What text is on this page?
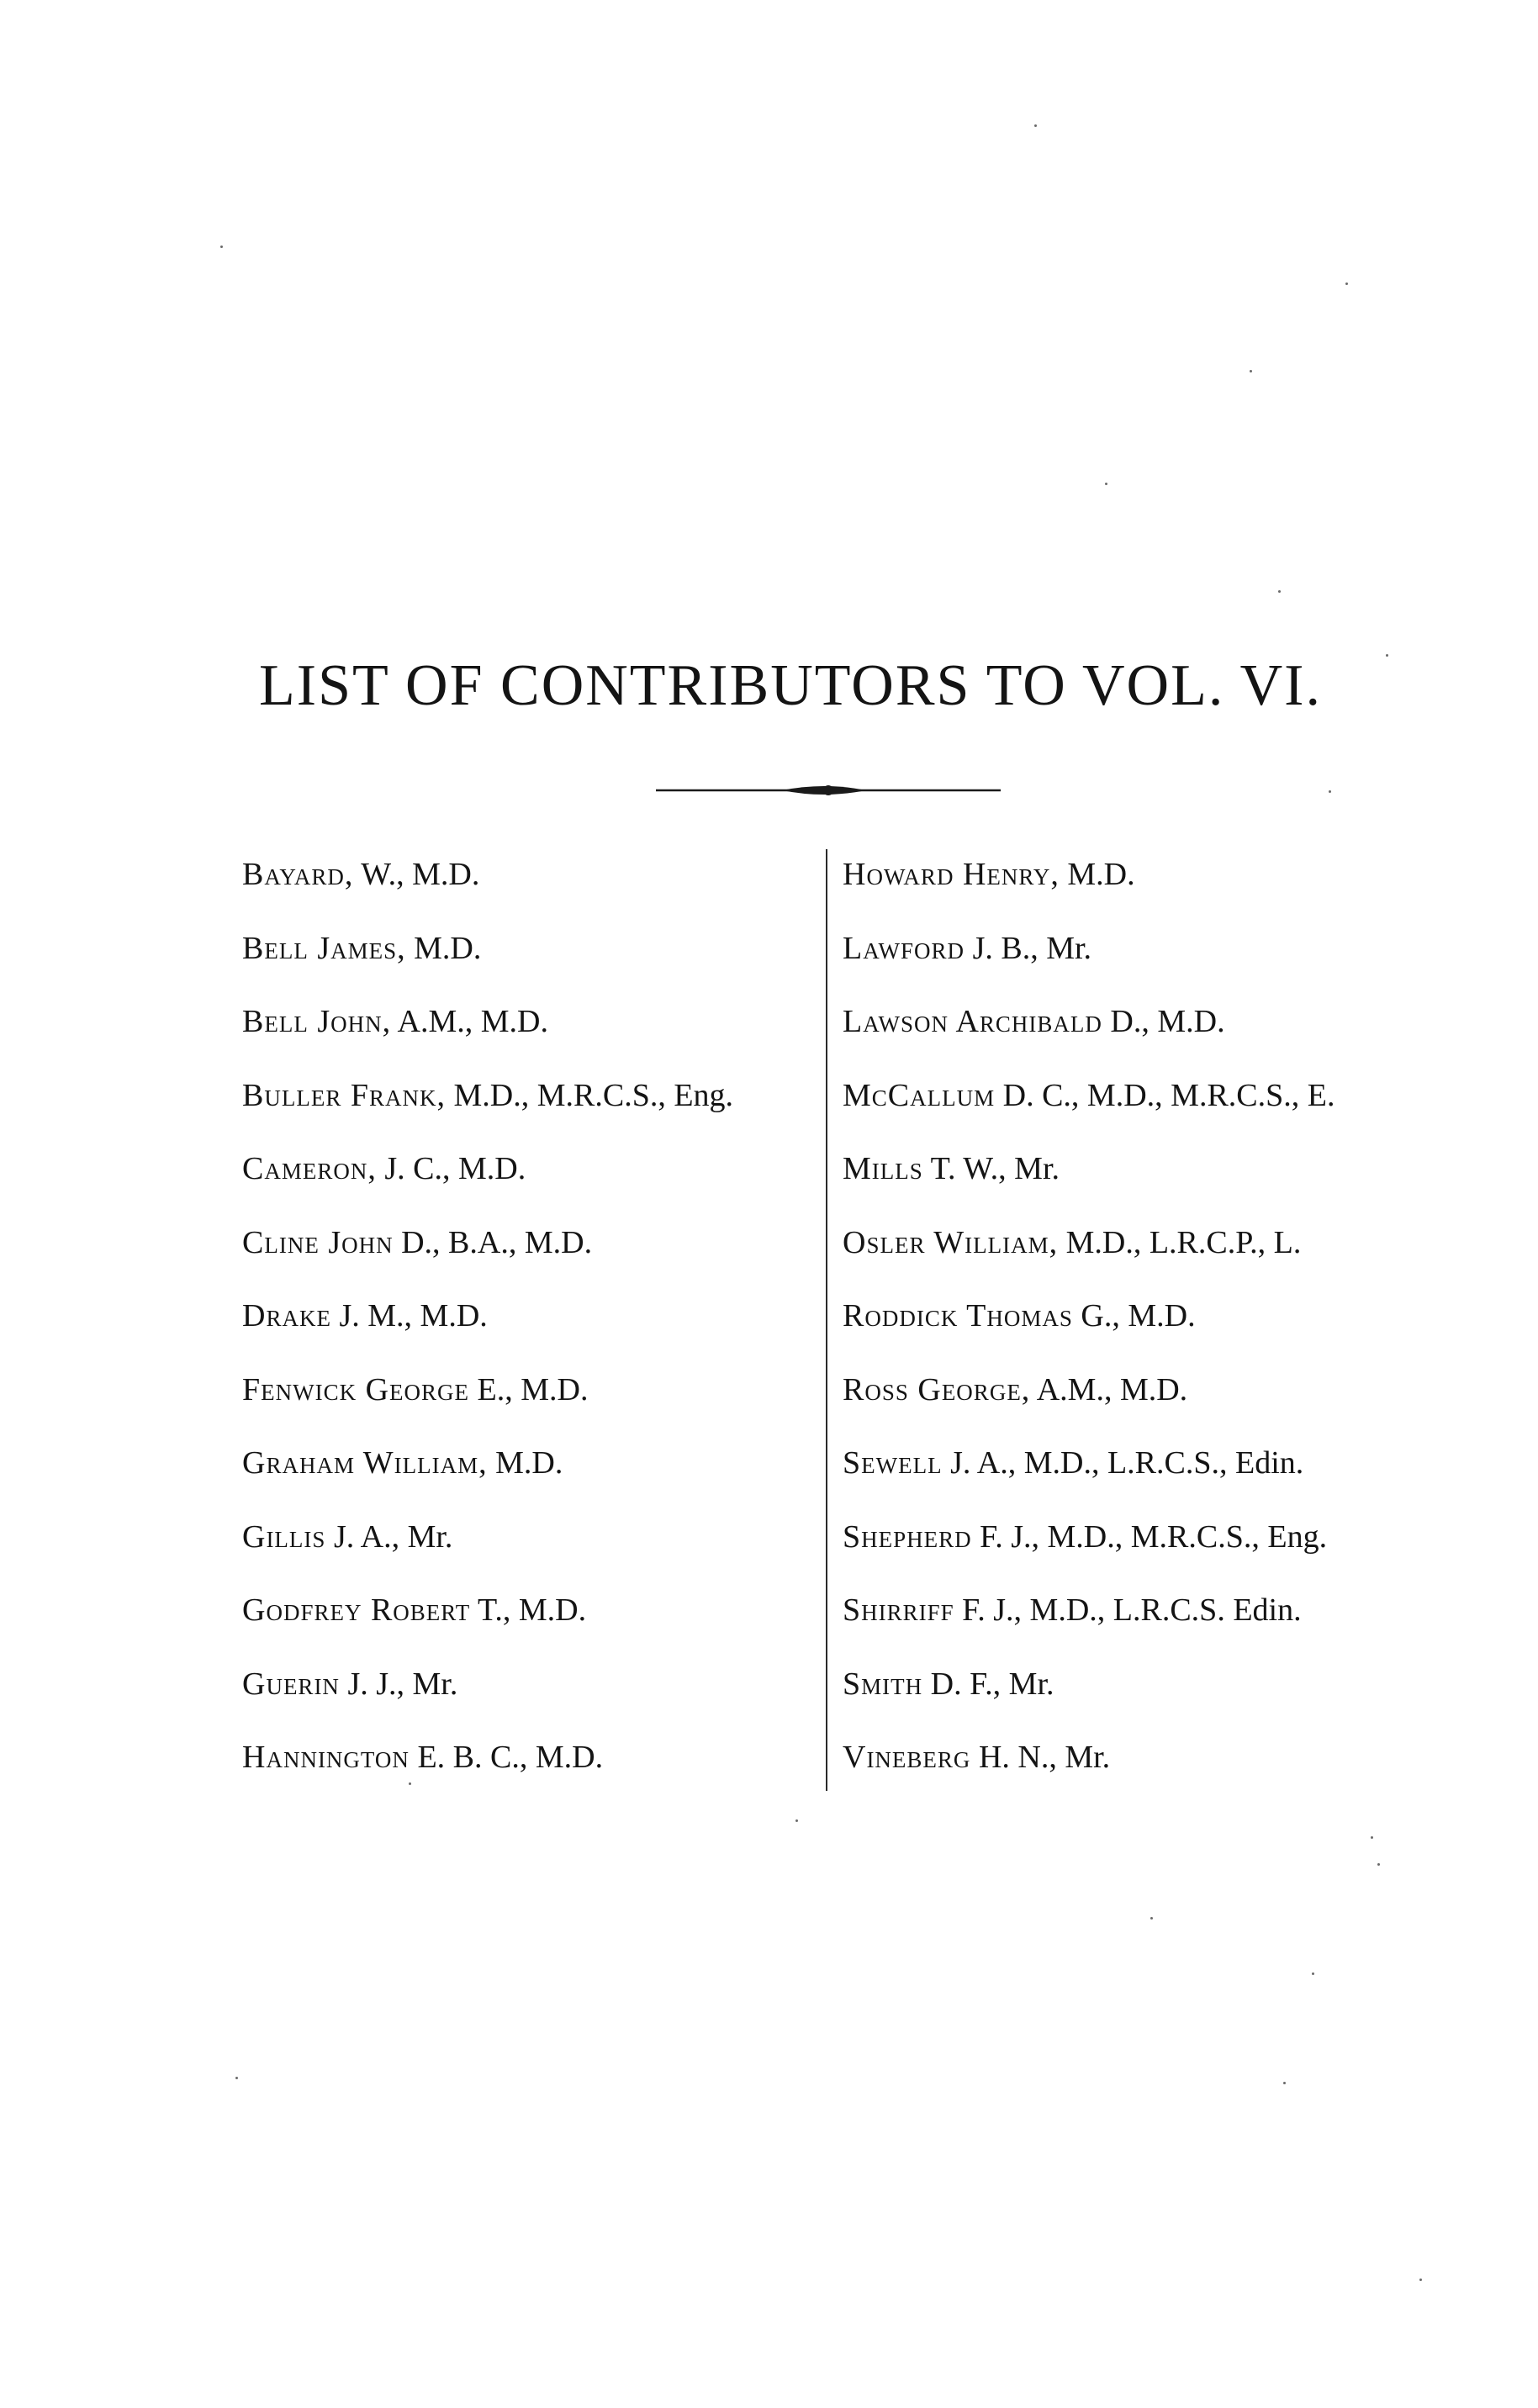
LIST OF CONTRIBUTORS TO VOL. VI.
Bayard, W., M.D.
Bell James, M.D.
Bell John, A.M., M.D.
Buller Frank, M.D., M.R.C.S., Eng.
Cameron, J. C., M.D.
Cline John D., B.A., M.D.
Drake J. M., M.D.
Fenwick George E., M.D.
Graham William, M.D.
Gillis J. A., Mr.
Godfrey Robert T., M.D.
Guerin J. J., Mr.
Hannington E. B. C., M.D.
Howard Henry, M.D.
Lawford J. B., Mr.
Lawson Archibald D., M.D.
McCallum D. C., M.D., M.R.C.S., E.
Mills T. W., Mr.
Osler William, M.D., L.R.C.P., L.
Roddick Thomas G., M.D.
Ross George, A.M., M.D.
Sewell J. A., M.D., L.R.C.S., Edin.
Shepherd F. J., M.D., M.R.C.S., Eng.
Shirriff F. J., M.D., L.R.C.S. Edin.
Smith D. F., Mr.
Vineberg H. N., Mr.
